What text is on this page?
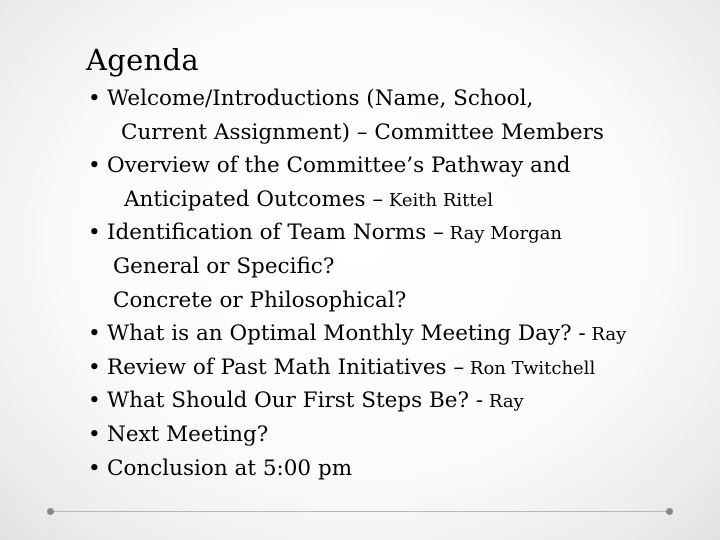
Agenda
• Welcome/Introductions (Name, School,
Current Assignment) – Committee Members
• Overview of the Committee’s Pathway and
Anticipated Outcomes – Keith Rittel
• Identification of Team Norms – Ray Morgan
General or Specific?
Concrete or Philosophical?
• What is an Optimal Monthly Meeting Day? - Ray
• Review of Past Math Initiatives – Ron Twitchell
• What Should Our First Steps Be? - Ray
• Next Meeting?
• Conclusion at 5:00 pm
